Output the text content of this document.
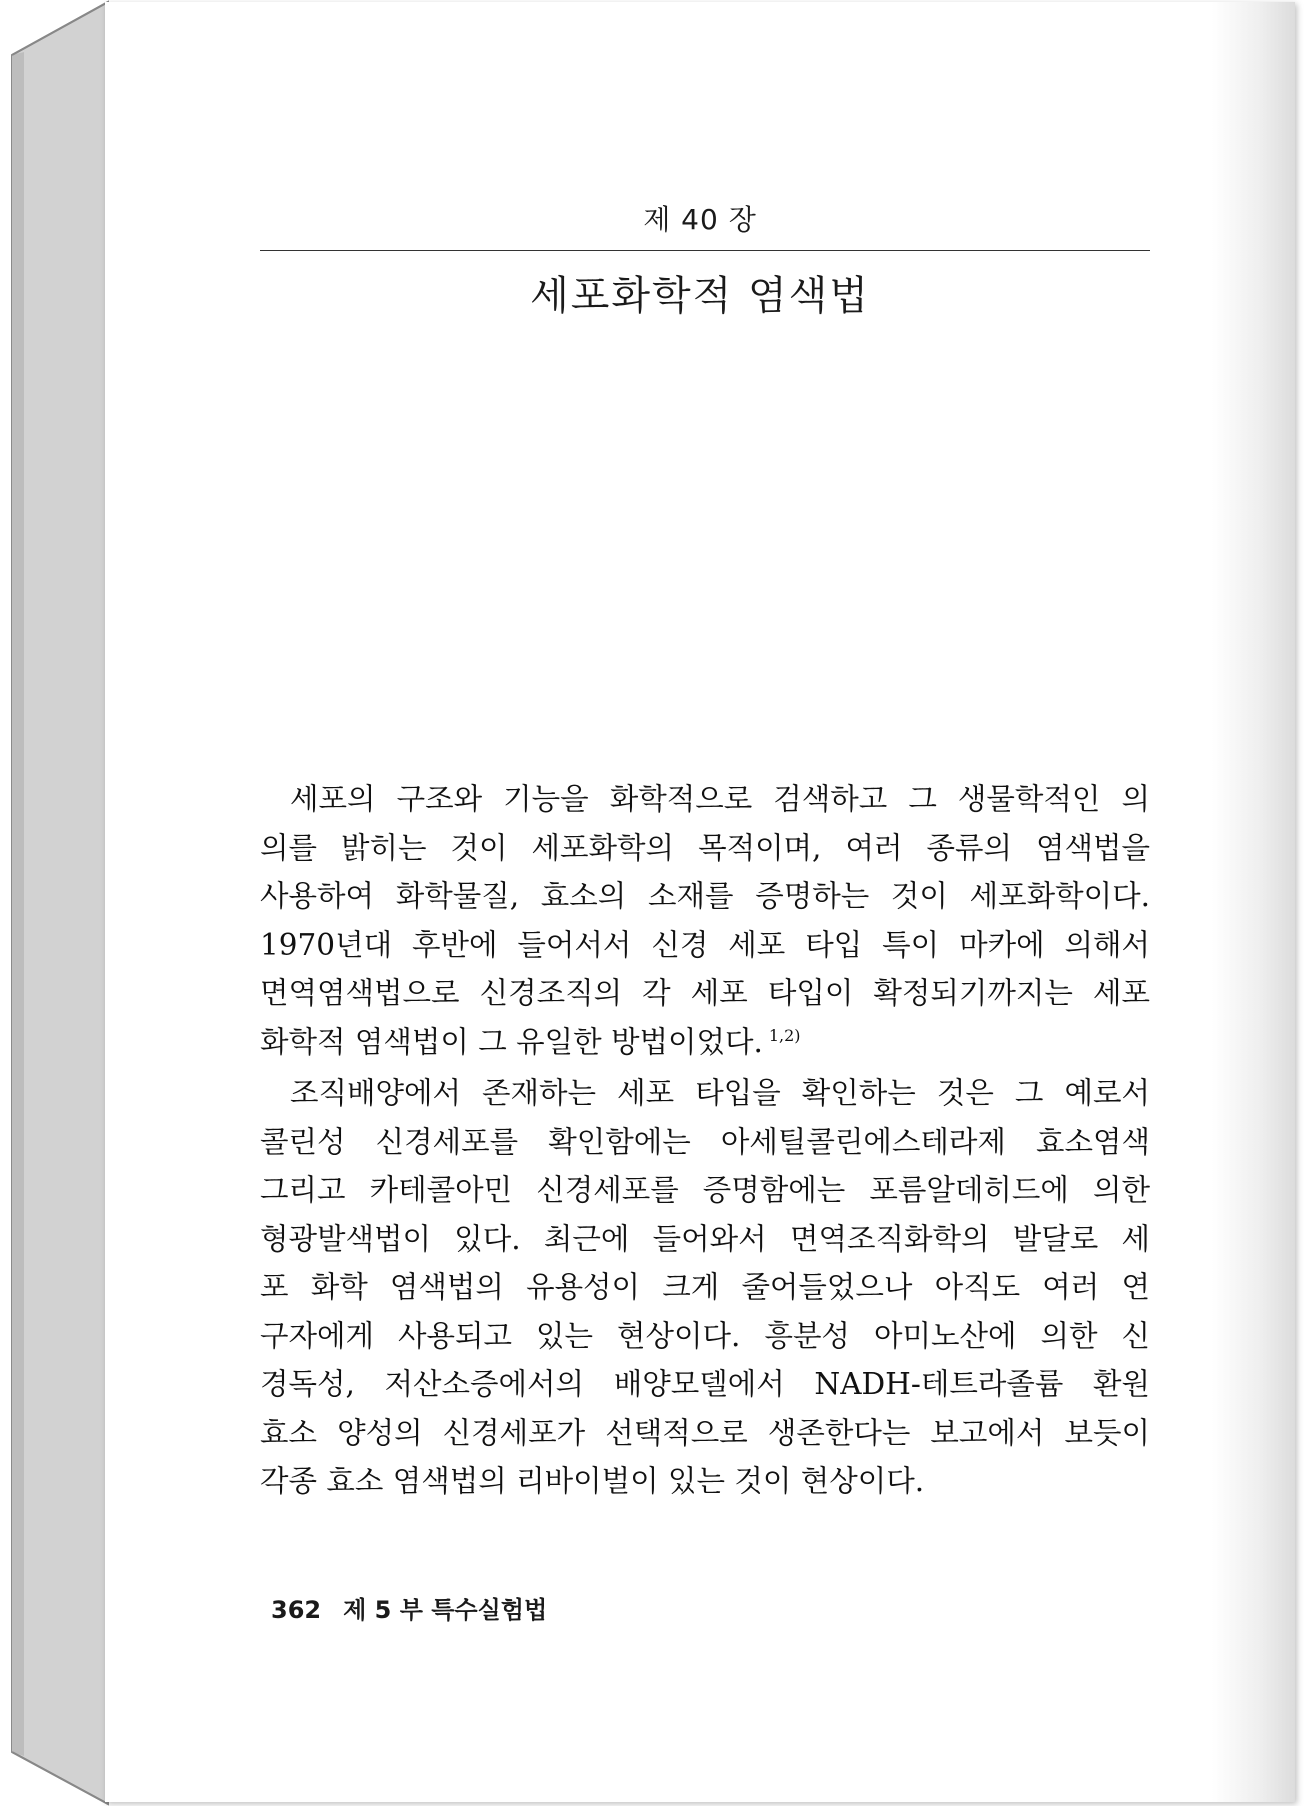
제 40 장
세포화학적 염색법
세포의 구조와 기능을 화학적으로 검색하고 그 생물학적인 의
의를 밝히는 것이 세포화학의 목적이며, 여러 종류의 염색법을
사용하여 화학물질, 효소의 소재를 증명하는 것이 세포화학이다.
1970년대 후반에 들어서서 신경 세포 타입 특이 마카에 의해서
면역염색법으로 신경조직의 각 세포 타입이 확정되기까지는 세포
화학적 염색법이 그 유일한 방법이었다. $^{1,2)}$
조직배양에서 존재하는 세포 타입을 확인하는 것은 그 예로서
콜린성 신경세포를 확인함에는 아세틸콜린에스테라제 효소염색
그리고 카테콜아민 신경세포를 증명함에는 포름알데히드에 의한
형광발색법이 있다. 최근에 들어와서 면역조직화학의 발달로 세
포 화학 염색법의 유용성이 크게 줄어들었으나 아직도 여러 연
구자에게 사용되고 있는 현상이다. 흥분성 아미노산에 의한 신
경독성, 저산소증에서의 배양모델에서 NADH-테트라졸륨 환원
효소 양성의 신경세포가 선택적으로 생존한다는 보고에서 보듯이
각종 효소 염색법의 리바이벌이 있는 것이 현상이다.
362 제 5 부 특수실험법
